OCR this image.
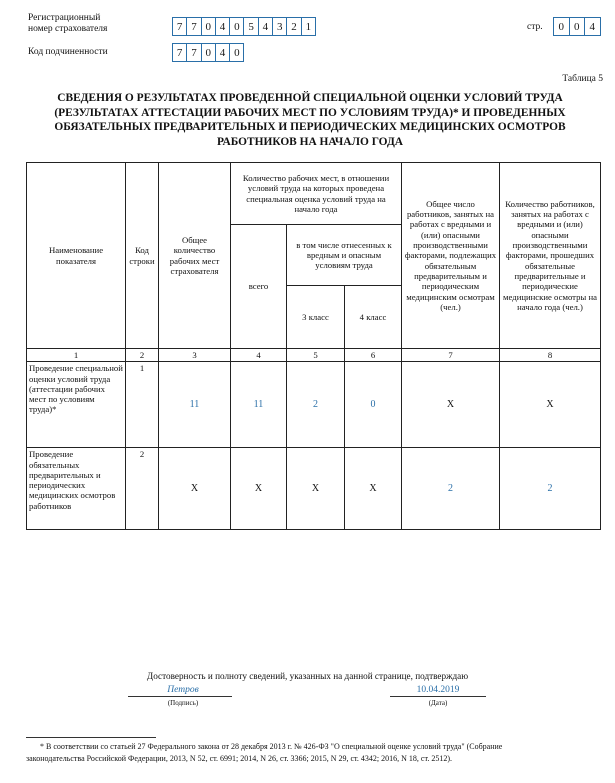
Регистрационный
номер страхователя	7 7 0 4 0 5 4 3 2 1	стр.	0 0 4
Код подчиненности	7 7 0 4 0
Таблица 5
СВЕДЕНИЯ О РЕЗУЛЬТАТАХ ПРОВЕДЕННОЙ СПЕЦИАЛЬНОЙ ОЦЕНКИ УСЛОВИЙ ТРУДА
(РЕЗУЛЬТАТАХ АТТЕСТАЦИИ РАБОЧИХ МЕСТ ПО УСЛОВИЯМ ТРУДА)* И ПРОВЕДЕННЫХ
ОБЯЗАТЕЛЬНЫХ ПРЕДВАРИТЕЛЬНЫХ И ПЕРИОДИЧЕСКИХ МЕДИЦИНСКИХ ОСМОТРОВ
РАБОТНИКОВ НА НАЧАЛО ГОДА
Наименование показателя	Код строки	Общее количество рабочих мест страхователя	Количество рабочих мест, в отношении условий труда на которых проведена специальная оценка условий труда на начало года			Общее число работников, занятых на работах с вредными и (или) опасными производственными факторами, подлежащих обязательным предварительным и периодическим медицинским осмотрам (чел.)	Количество работников, занятых на работах с вредными и (или) опасными производственными факторами, прошедших обязательные предварительные и периодические медицинские осмотры на начало года (чел.)
			всего	в том числе отнесенных к вредным и опасным условиям труда			
				3 класс	4 класс		
1	2	3	4	5	6	7	8
Проведение специальной оценки условий труда (аттестации рабочих мест по условиям труда)*	1	11	11	2	0	X	X
Проведение обязательных предварительных и периодических медицинских осмотров работников	2	X	X	X	X	2	2
Достоверность и полноту сведений, указанных на данной странице, подтверждаю
Петров
(Подпись)
10.04.2019
(Дата)
* В соответствии со статьей 27 Федерального закона от 28 декабря 2013 г. № 426-ФЗ "О специальной оценке условий труда" (Собрание
законодательства Российской Федерации, 2013, N 52, ст. 6991; 2014, N 26, ст. 3366; 2015, N 29, ст. 4342; 2016, N 18, ст. 2512).
